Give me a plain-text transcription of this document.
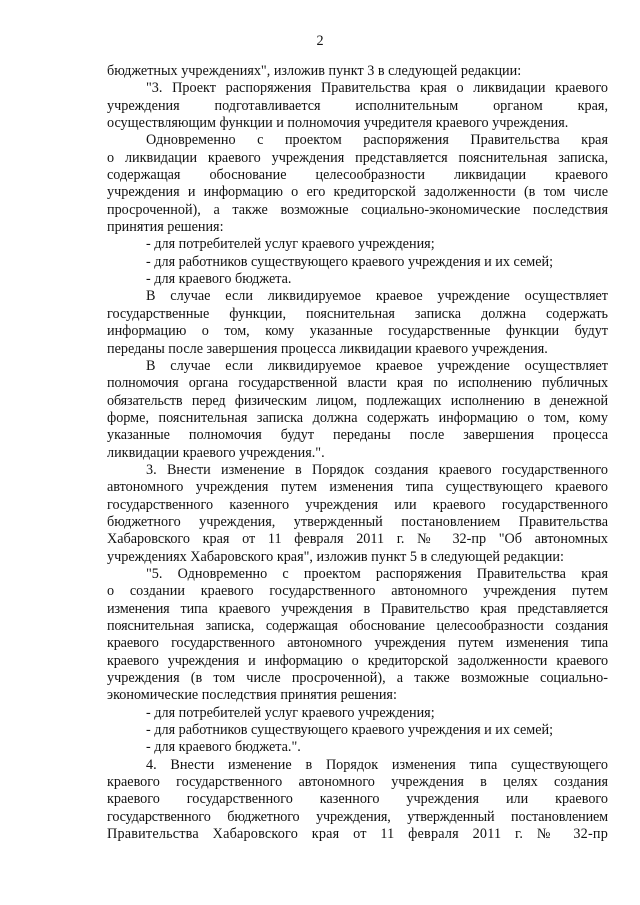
2
бюджетных учреждениях", изложив пункт 3 в следующей редакции:
"3. Проект распоряжения Правительства края о ликвидации краевого
учреждения подготавливается исполнительным органом края,
осуществляющим функции и полномочия учредителя краевого учреждения.
Одновременно с проектом распоряжения Правительства края
о ликвидации краевого учреждения представляется пояснительная записка,
содержащая обоснование целесообразности ликвидации краевого
учреждения и информацию о его кредиторской задолженности (в том числе
просроченной), а также возможные социально-экономические последствия
принятия решения:
- для потребителей услуг краевого учреждения;
- для работников существующего краевого учреждения и их семей;
- для краевого бюджета.
В случае если ликвидируемое краевое учреждение осуществляет
государственные функции, пояснительная записка должна содержать
информацию о том, кому указанные государственные функции будут
переданы после завершения процесса ликвидации краевого учреждения.
В случае если ликвидируемое краевое учреждение осуществляет
полномочия органа государственной власти края по исполнению публичных
обязательств перед физическим лицом, подлежащих исполнению в денежной
форме, пояснительная записка должна содержать информацию о том, кому
указанные полномочия будут переданы после завершения процесса
ликвидации краевого учреждения.".
3. Внести изменение в Порядок создания краевого государственного
автономного учреждения путем изменения типа существующего краевого
государственного казенного учреждения или краевого государственного
бюджетного учреждения, утвержденный постановлением Правительства
Хабаровского края от 11 февраля 2011 г. № 32-пр "Об автономных
учреждениях Хабаровского края", изложив пункт 5 в следующей редакции:
"5. Одновременно с проектом распоряжения Правительства края
о создании краевого государственного автономного учреждения путем
изменения типа краевого учреждения в Правительство края представляется
пояснительная записка, содержащая обоснование целесообразности создания
краевого государственного автономного учреждения путем изменения типа
краевого учреждения и информацию о кредиторской задолженности краевого
учреждения (в том числе просроченной), а также возможные социально-
экономические последствия принятия решения:
- для потребителей услуг краевого учреждения;
- для работников существующего краевого учреждения и их семей;
- для краевого бюджета.".
4. Внести изменение в Порядок изменения типа существующего
краевого государственного автономного учреждения в целях создания
краевого государственного казенного учреждения или краевого
государственного бюджетного учреждения, утвержденный постановлением
Правительства Хабаровского края от 11 февраля 2011 г. № 32-пр
